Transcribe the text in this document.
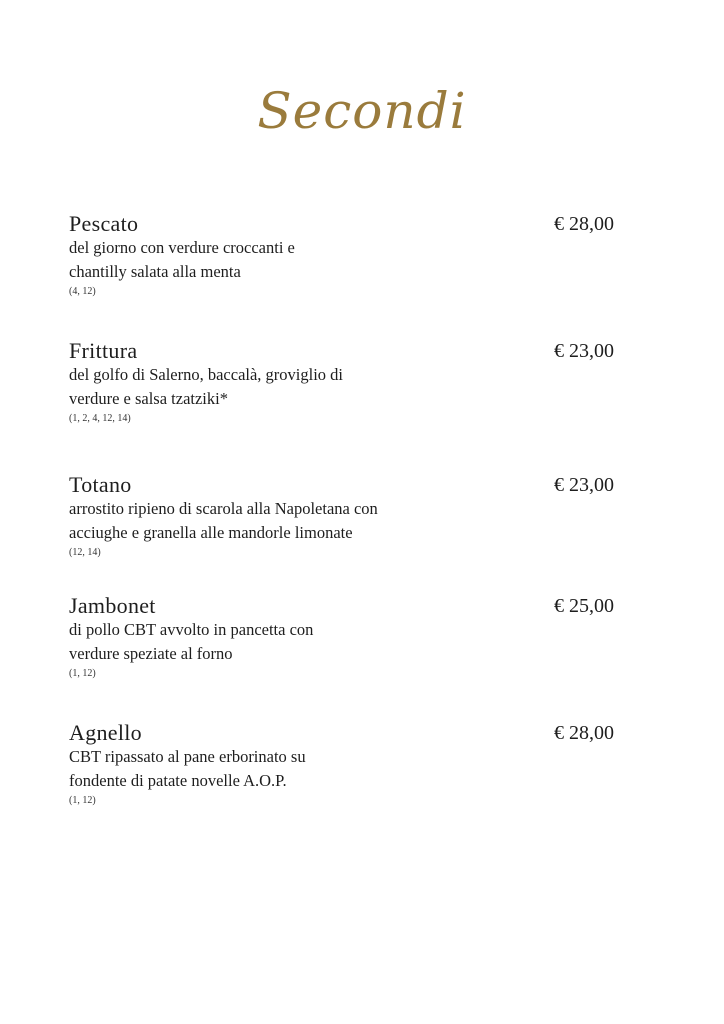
Secondi
Pescato	€ 28,00

del giorno con verdure croccanti e
chantilly salata alla menta

(4, 12)

Frittura	€ 23,00

del golfo di Salerno, baccalà, groviglio di
verdure e salsa tzatziki*

(1, 2, 4, 12, 14)

Totano	€ 23,00

arrostito ripieno di scarola alla Napoletana con
acciughe e granella alle mandorle limonate

(12, 14)

Jambonet	€ 25,00

di pollo CBT avvolto in pancetta con
verdure speziate al forno

(1, 12)

Agnello	€ 28,00

CBT ripassato al pane erborinato su
fondente di patate novelle A.O.P.

(1, 12)
